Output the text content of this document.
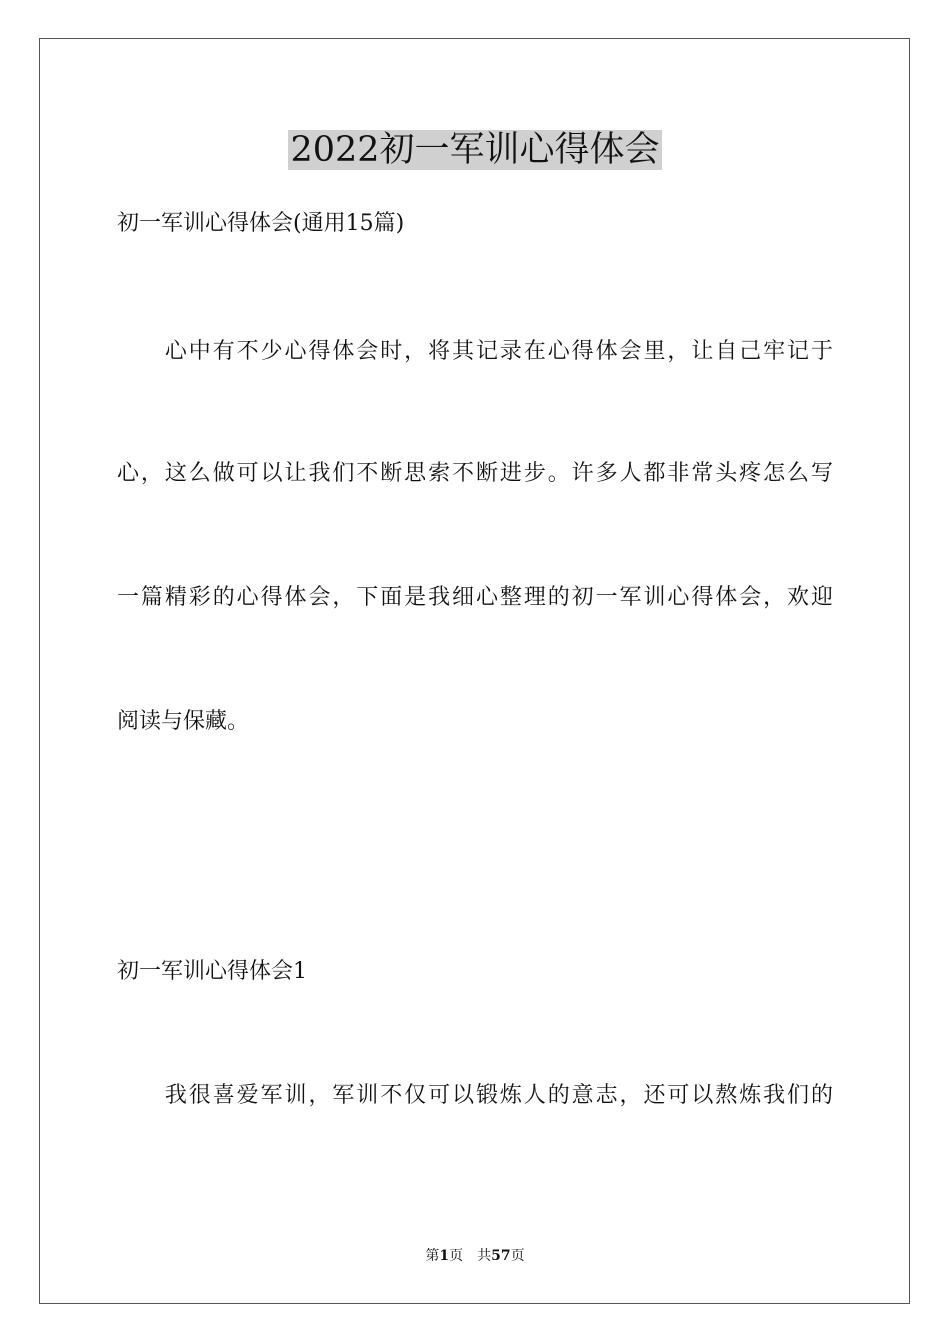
2022初一军训心得体会
初一军训心得体会(通用15篇)
　　心中有不少心得体会时，将其记录在心得体会里，让自己牢记于
心，这么做可以让我们不断思索不断进步。许多人都非常头疼怎么写
一篇精彩的心得体会，下面是我细心整理的初一军训心得体会，欢迎
阅读与保藏。
初一军训心得体会1
　　我很喜爱军训，军训不仅可以锻炼人的意志，还可以熬炼我们的
第1页　共57页
